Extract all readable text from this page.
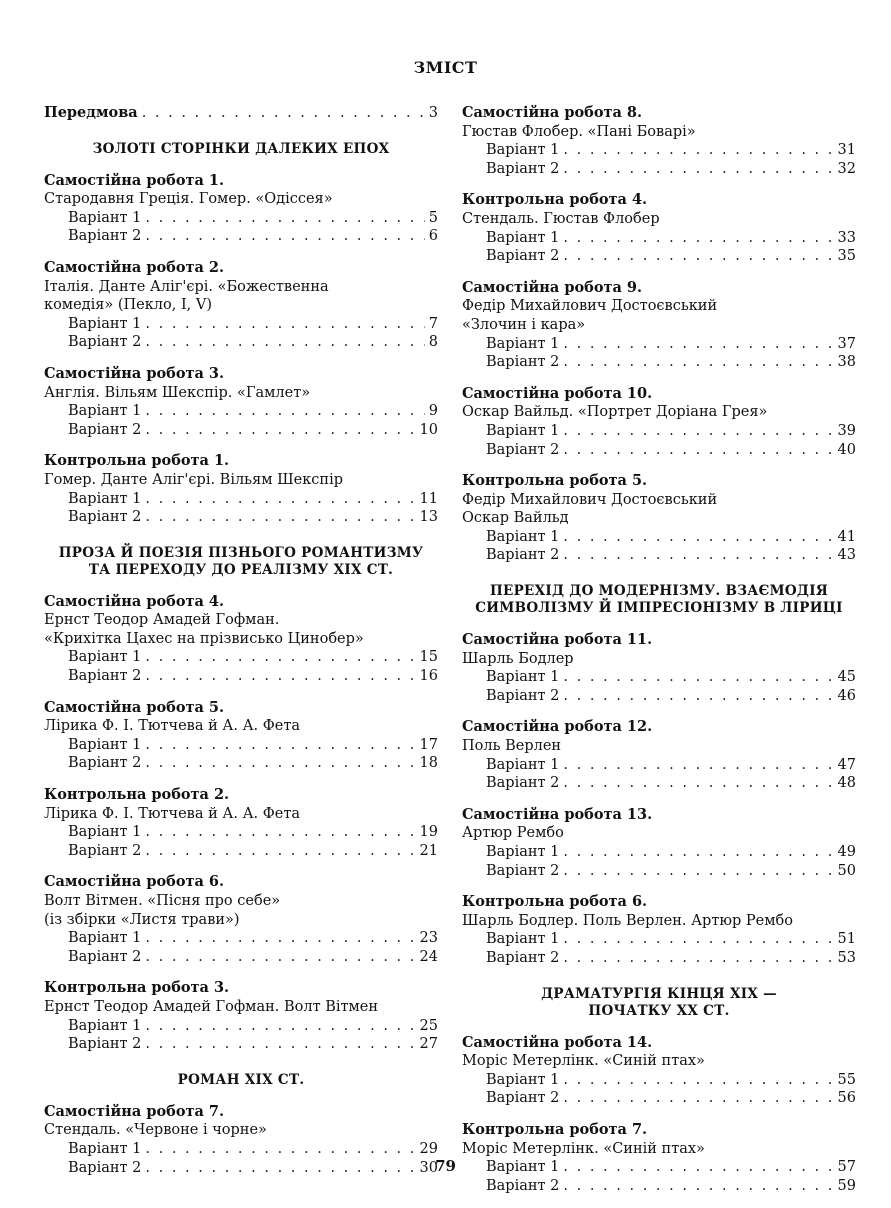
ЗМІСТ
Передмова . . .	3
ЗОЛОТІ СТОРІНКИ ДАЛЕКИХ ЕПОХ
Самостійна робота 1.
Стародавня Греція. Гомер. «Одіссея»
Варіант 1 . . .	5
Варіант 2 . . .	6
Самостійна робота 2.
Італія. Данте Аліг'єрі. «Божественна
комедія» (Пекло, I, V)
Варіант 1 . . .	7
Варіант 2 . . .	8
Самостійна робота 3.
Англія. Вільям Шекспір. «Гамлет»
Варіант 1 . . .	9
Варіант 2 . . .	10
Контрольна робота 1.
Гомер. Данте Аліг'єрі. Вільям Шекспір
Варіант 1 . . .	11
Варіант 2 . . .	13
ПРОЗА Й ПОЕЗІЯ ПІЗНЬОГО РОМАНТИЗМУ
ТА ПЕРЕХОДУ ДО РЕАЛІЗМУ XIX СТ.
Самостійна робота 4.
Ернст Теодор Амадей Гофман.
«Крихітка Цахес на прізвисько Цинобер»
Варіант 1 . . .	15
Варіант 2 . . .	16
Самостійна робота 5.
Лірика Ф. І. Тютчева й А. А. Фета
Варіант 1 . . .	17
Варіант 2 . . .	18
Контрольна робота 2.
Лірика Ф. І. Тютчева й А. А. Фета
Варіант 1 . . .	19
Варіант 2 . . .	21
Самостійна робота 6.
Волт Вітмен. «Пісня про себе»
(із збірки «Листя трави»)
Варіант 1 . . .	23
Варіант 2 . . .	24
Контрольна робота 3.
Ернст Теодор Амадей Гофман. Волт Вітмен
Варіант 1 . . .	25
Варіант 2 . . .	27
РОМАН XIX СТ.
Самостійна робота 7.
Стендаль. «Червоне і чорне»
Варіант 1 . . .	29
Варіант 2 . . .	30
Самостійна робота 8.
Гюстав Флобер. «Пані Боварі»
Варіант 1 . . .	31
Варіант 2 . . .	32
Контрольна робота 4.
Стендаль. Гюстав Флобер
Варіант 1 . . .	33
Варіант 2 . . .	35
Самостійна робота 9.
Федір Михайлович Достоєвський
«Злочин і кара»
Варіант 1 . . .	37
Варіант 2 . . .	38
Самостійна робота 10.
Оскар Вайльд. «Портрет Доріана Грея»
Варіант 1 . . .	39
Варіант 2 . . .	40
Контрольна робота 5.
Федір Михайлович Достоєвський
Оскар Вайльд
Варіант 1 . . .	41
Варіант 2 . . .	43
ПЕРЕХІД ДО МОДЕРНІЗМУ. ВЗАЄМОДІЯ
СИМВОЛІЗМУ Й ІМПРЕСІОНІЗМУ В ЛІРИЦІ
Самостійна робота 11.
Шарль Бодлер
Варіант 1 . . .	45
Варіант 2 . . .	46
Самостійна робота 12.
Поль Верлен
Варіант 1 . . .	47
Варіант 2 . . .	48
Самостійна робота 13.
Артюр Рембо
Варіант 1 . . .	49
Варіант 2 . . .	50
Контрольна робота 6.
Шарль Бодлер. Поль Верлен. Артюр Рембо
Варіант 1 . . .	51
Варіант 2 . . .	53
ДРАМАТУРГІЯ КІНЦЯ XIX —
ПОЧАТКУ XX СТ.
Самостійна робота 14.
Моріс Метерлінк. «Синій птах»
Варіант 1 . . .	55
Варіант 2 . . .	56
Контрольна робота 7.
Моріс Метерлінк. «Синій птах»
Варіант 1 . . .	57
Варіант 2 . . .	59
79
